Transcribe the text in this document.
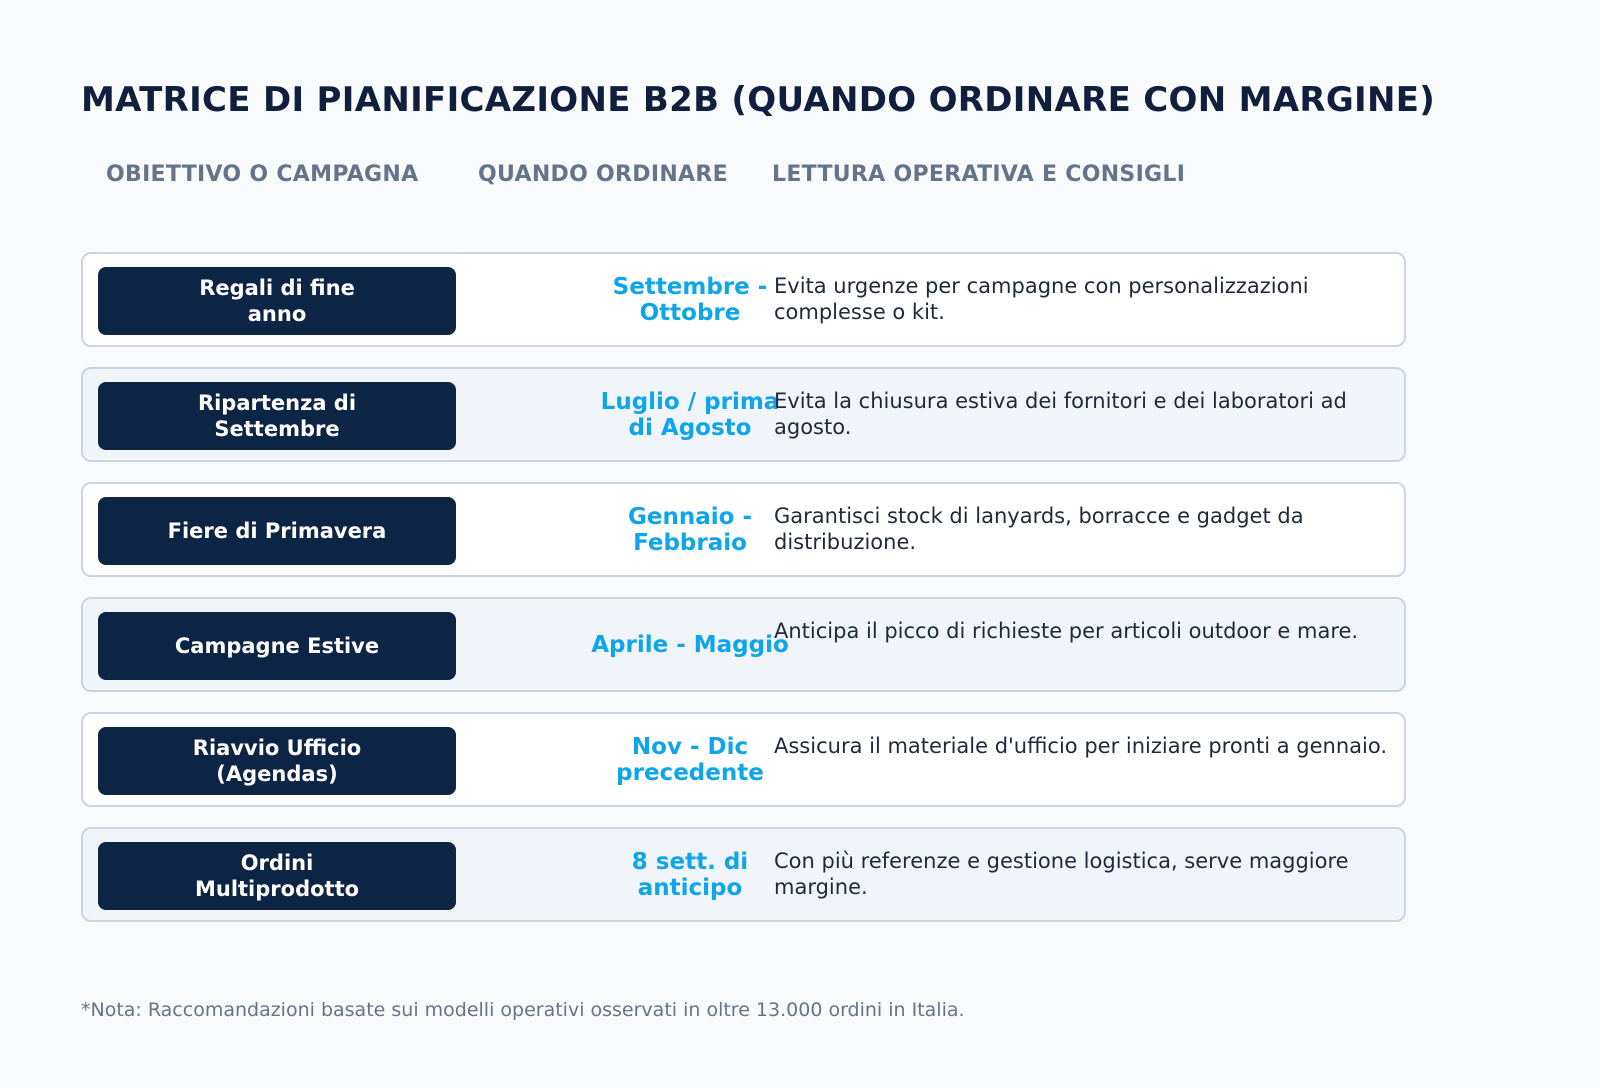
MATRICE DI PIANIFICAZIONE B2B (QUANDO ORDINARE CON MARGINE)
OBIETTIVO O CAMPAGNA	QUANDO ORDINARE LETTURA OPERATIVA E CONSIGLI
Regali di fine anno
Settembre - Ottobre
Evita urgenze per campagne con personalizzazioni complesse o kit.
Ripartenza di Settembre
Luglio / prima di Agosto
Evita la chiusura estiva dei fornitori e dei laboratori ad agosto.
Fiere di Primavera
Gennaio - Febbraio
Garantisci stock di lanyards, borracce e gadget da distribuzione.
Campagne Estive	Aprile - Maggio
Anticipa il picco di richieste per articoli outdoor e mare.
Riavvio Ufficio (Agendas)
Nov - Dic precedente
Assicura il materiale d'ufficio per iniziare pronti a gennaio.
Ordini Multiprodotto
8 sett. di anticipo
Con più referenze e gestione logistica, serve maggiore margine.
*Nota: Raccomandazioni basate sui modelli operativi osservati in oltre 13.000 ordini in Italia.
